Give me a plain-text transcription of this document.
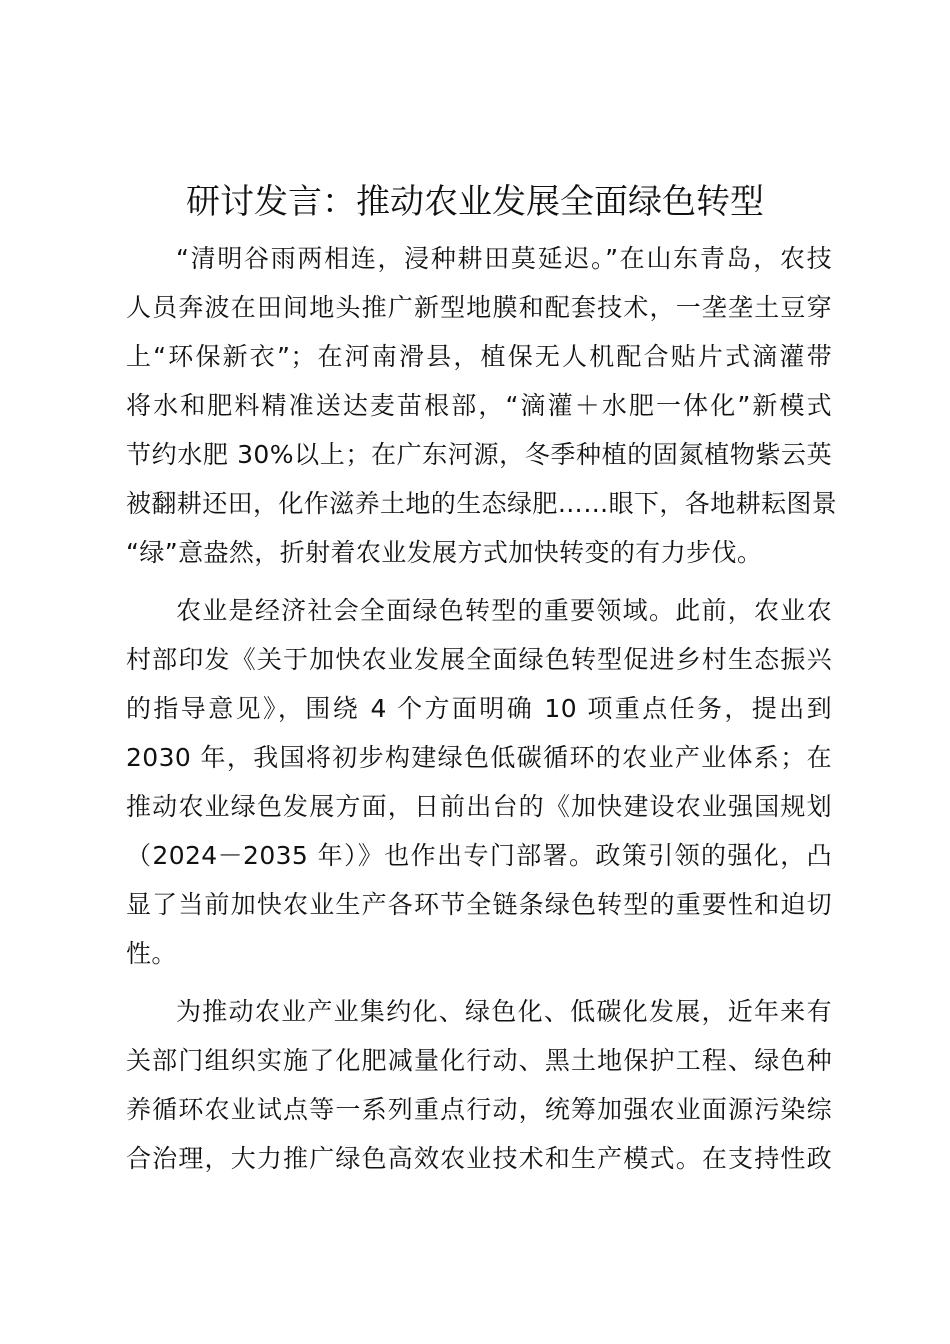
研讨发言：推动农业发展全面绿色转型
“清明谷雨两相连，浸种耕田莫延迟。”在山东青岛，农技
人员奔波在田间地头推广新型地膜和配套技术，一垄垄土豆穿
上“环保新衣”；在河南滑县，植保无人机配合贴片式滴灌带
将水和肥料精准送达麦苗根部，“滴灌＋水肥一体化”新模式
节约水肥 30%以上；在广东河源，冬季种植的固氮植物紫云英
被翻耕还田，化作滋养土地的生态绿肥……眼下，各地耕耘图景
“绿”意盎然，折射着农业发展方式加快转变的有力步伐。
农业是经济社会全面绿色转型的重要领域。此前，农业农
村部印发《关于加快农业发展全面绿色转型促进乡村生态振兴
的指导意见》，围绕 4 个方面明确 10 项重点任务，提出到
2030 年，我国将初步构建绿色低碳循环的农业产业体系；在
推动农业绿色发展方面，日前出台的《加快建设农业强国规划
（2024－2035 年）》也作出专门部署。政策引领的强化，凸
显了当前加快农业生产各环节全链条绿色转型的重要性和迫切
性。
为推动农业产业集约化、绿色化、低碳化发展，近年来有
关部门组织实施了化肥减量化行动、黑土地保护工程、绿色种
养循环农业试点等一系列重点行动，统筹加强农业面源污染综
合治理，大力推广绿色高效农业技术和生产模式。在支持性政
